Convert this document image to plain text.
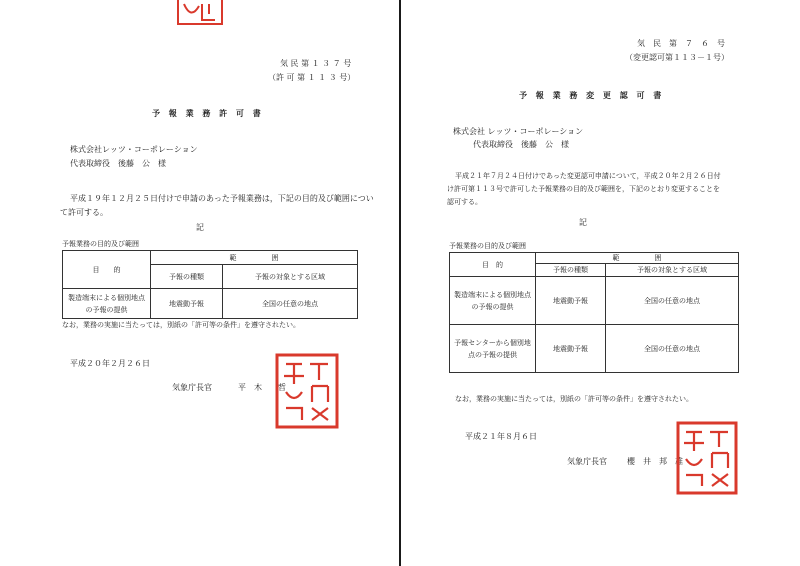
気 民 第 １ ３ ７ 号
（許 可 第 １ １ ３ 号）
予 報 業 務 許 可 書
株式会社レッツ・コーポレーション
代表取締役　後藤　公　様
平成１９年１２月２５日付けで申請のあった予報業務は，下記の目的及び範囲につい
て許可する。
記
予報業務の目的及び範囲
目　　的	範　　　　　囲	
	予報の種類	予報の対象とする区域
製造端末による個別地点の予報の提供	地震動予報	全国の任意の地点
なお，業務の実施に当たっては，別紙の「許可等の条件」を遵守されたい。
平成２０年２月２６日
気象庁長官	平　木　　哲
気　民　第　７　６　号
（変更認可第１１３－１号）
予 報 業 務 変 更 認 可 書
株式会社 レッツ・コーポレーション
代表取締役　後藤　公　様
平成２１年７月２４日付けであった変更認可申請について，平成２０年２月２６日付
け許可第１１３号で許可した予報業務の目的及び範囲を，下記のとおり変更することを
認可する。
記
予報業務の目的及び範囲
目　的	範　　　　　囲	
	予報の種類	予報の対象とする区域
製造端末による個別地点の予報の提供	地震動予報	全国の任意の地点
予報センターから個別地点の予報の提供	地震動予報	全国の任意の地点
なお，業務の実施に当たっては，別紙の「許可等の条件」を遵守されたい。
平成２１年８月６日
気象庁長官	櫻　井　邦　雄
